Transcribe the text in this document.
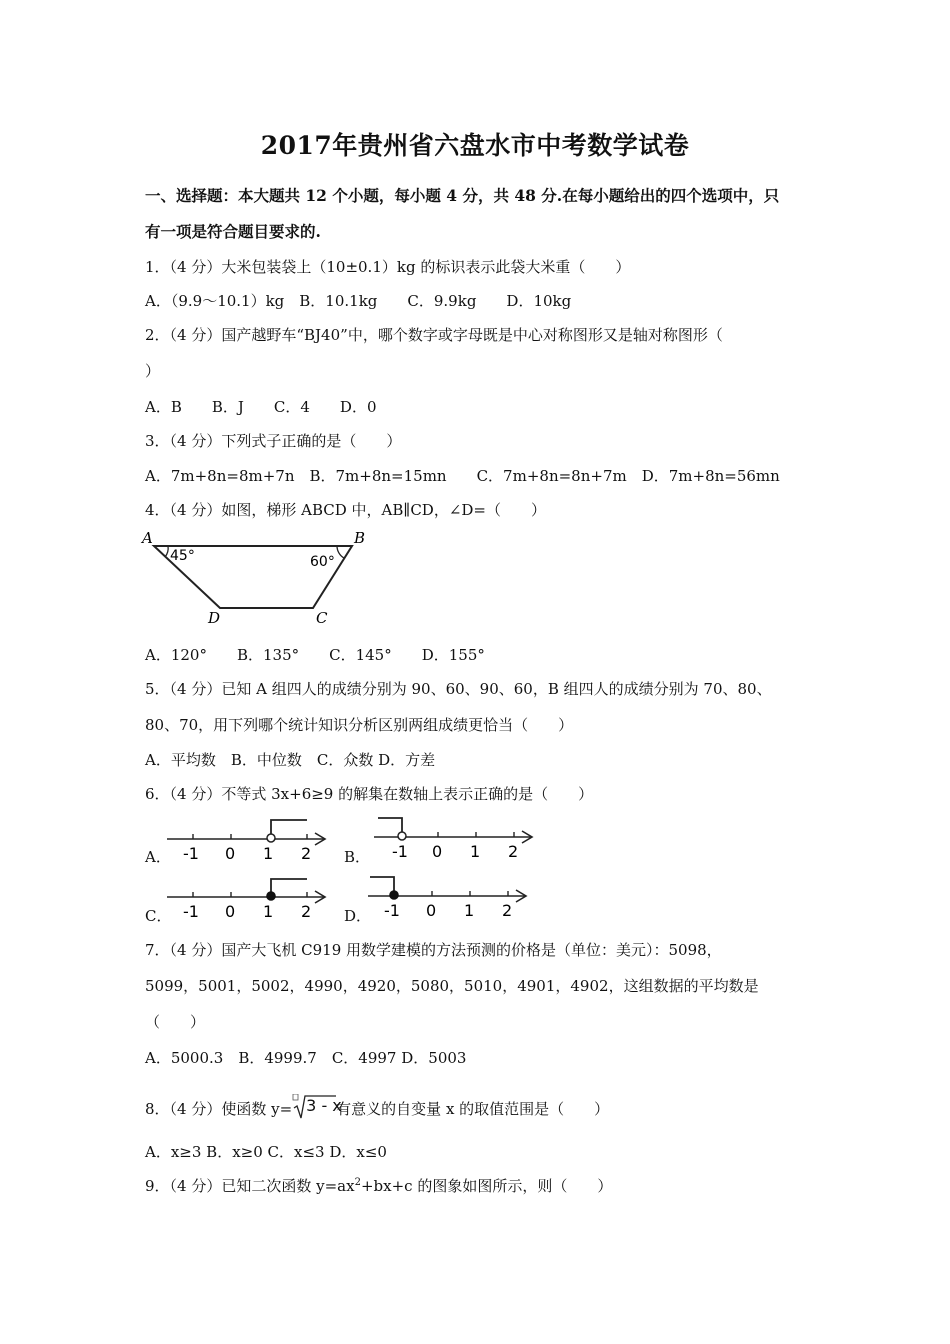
2017年贵州省六盘水市中考数学试卷
一、选择题：本大题共 12 个小题，每小题 4 分，共 48 分.在每小题给出的四个选项中，只
有一项是符合题目要求的.
1．（4 分）大米包装袋上（10±0.1）kg 的标识表示此袋大米重（　　）
A．（9.9～10.1）kg　B．10.1kg　　C．9.9kg　　D．10kg
2．（4 分）国产越野车“BJ40”中，哪个数字或字母既是中心对称图形又是轴对称图形（
）
A．B　　B．J　　C．4　　D．0
3．（4 分）下列式子正确的是（　　）
A．7m+8n=8m+7n　B．7m+8n=15mn　　C．7m+8n=8n+7m　D．7m+8n=56mn
4．（4 分）如图，梯形 ABCD 中，AB∥CD，∠D=（　　）
A	B
C
D
45°	60°
A．120°　　B．135°　　C．145°　　D．155°
5．（4 分）已知 A 组四人的成绩分别为 90、60、90、60，B 组四人的成绩分别为 70、80、
80、70，用下列哪个统计知识分析区别两组成绩更恰当（　　）
A．平均数　B．中位数　C．众数 D．方差
6．（4 分）不等式 3x+6≥9 的解集在数轴上表示正确的是（　　）
A． -1 0 1 2 B． -1 0 1 2
C． -1 0 1 2 D． -1 0 1 2
7．（4 分）国产大飞机 C919 用数学建模的方法预测的价格是（单位：美元）：5098，
5099，5001，5002，4990，4920，5080，5010，4901，4902，这组数据的平均数是
（　　）
A．5000.3　B．4999.7　C．4997 D．5003
8．（4 分）使函数 y= 3 - x
有意义的自变量 x 的取值范围是（　　）
A．x≥3 B．x≥0 C．x≤3 D．x≤0
9．（4 分）已知二次函数 $y=ax^2+bx+c$ 的图象如图所示，则（　　）
